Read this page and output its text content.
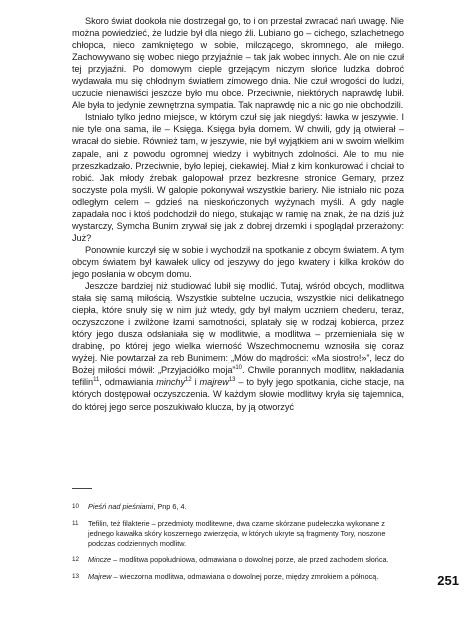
Skoro świat dookoła nie dostrzegał go, to i on przestał zwracać nań uwagę. Nie można powiedzieć, że ludzie był dla niego źli. Lubiano go – cichego, szlachetnego chłopca, nieco zamkniętego w sobie, milczącego, skromnego, ale miłego. Zachowywano się wobec niego przyjaźnie – tak jak wobec innych. Ale on nie czuł tej przyjaźni. Po domowym cieple grzejącym niczym słońce ludzka dobroć wydawała mu się chłodnym światłem zimowego dnia. Nie czuł wrogości do ludzi, uczucie nienawiści jeszcze było mu obce. Przeciwnie, niektórych naprawdę lubił. Ale była to jedynie zewnętrzna sympatia. Tak naprawdę nic a nic go nie obchodzili.

Istniało tylko jedno miejsce, w którym czuł się jak niegdyś: ławka w jeszywie. I nie tyle ona sama, ile – Księga. Księga była domem. W chwili, gdy ją otwierał – wracał do siebie. Również tam, w jeszywie, nie był wyjątkiem ani w swoim wielkim zapale, ani z powodu ogromnej wiedzy i wybitnych zdolności. Ale to mu nie przeszkadzało. Przeciwnie, było lepiej, ciekawiej. Miał z kim konkurować i chciał to robić. Jak młody źrebak galopował przez bezkresne stronice Gemary, przez soczyste pola myśli. W galopie pokonywał wszystkie bariery. Nie istniało nic poza odległym celem – gdzieś na nieskończonych wyżynach myśli. A gdy nagle zapadała noc i ktoś podchodził do niego, stukając w ramię na znak, że na dziś już wystarczy, Symcha Bunim zrywał się jak z dobrej drzemki i spoglądał przerażony: Już?

Ponownie kurczył się w sobie i wychodził na spotkanie z obcym światem. A tym obcym światem był kawałek ulicy od jeszywy do jego kwatery i kilka kroków do jego posłania w obcym domu.

Jeszcze bardziej niż studiować lubił się modlić. Tutaj, wśród obcych, modlitwa stała się samą miłością. Wszystkie subtelne uczucia, wszystkie nici delikatnego ciepła, które snuły się w nim już wtedy, gdy był małym uczniem chederu, teraz, oczyszczone i zwilżone łzami samotności, splatały się w rodzaj kobierca, przez który jego dusza odsłaniała się w modlitwie, a modlitwa – przemieniała się w drabinę, po której jego wielka wierność Wszechmocnemu wznosiła się coraz wyżej. Nie powtarzał za reb Bunimem: „Mów do mądrości: «Ma siostro!»”, lecz do Bożej miłości mówił: „Przyjaciółko moja”$^{10}$. Chwile porannych modlitw, nakładania tefilin$^{11}$, odmawiania minchy$^{12}$ i majrew$^{13}$ – to były jego spotkania, ciche stacje, na których dostępował oczyszczenia. W każdym słowie modlitwy kryła się tajemnica, do której jego serce poszukiwało klucza, by ją otworzyć

10	Pieśń nad pieśniami, Pnp 6, 4.
11	Tefilin, też filakterie – przedmioty modlitewne, dwa czarne skórzane pudełeczka wykonane z jednego kawałka skóry koszernego zwierzęcia, w których ukryte są fragmenty Tory, noszone podczas codziennych modlitw.
12	Mincze – modlitwa popołudniowa, odmawiana o dowolnej porze, ale przed zachodem słońca.
13	Majrew – wieczorna modlitwa, odmawiana o dowolnej porze, między zmrokiem a północą.	251
